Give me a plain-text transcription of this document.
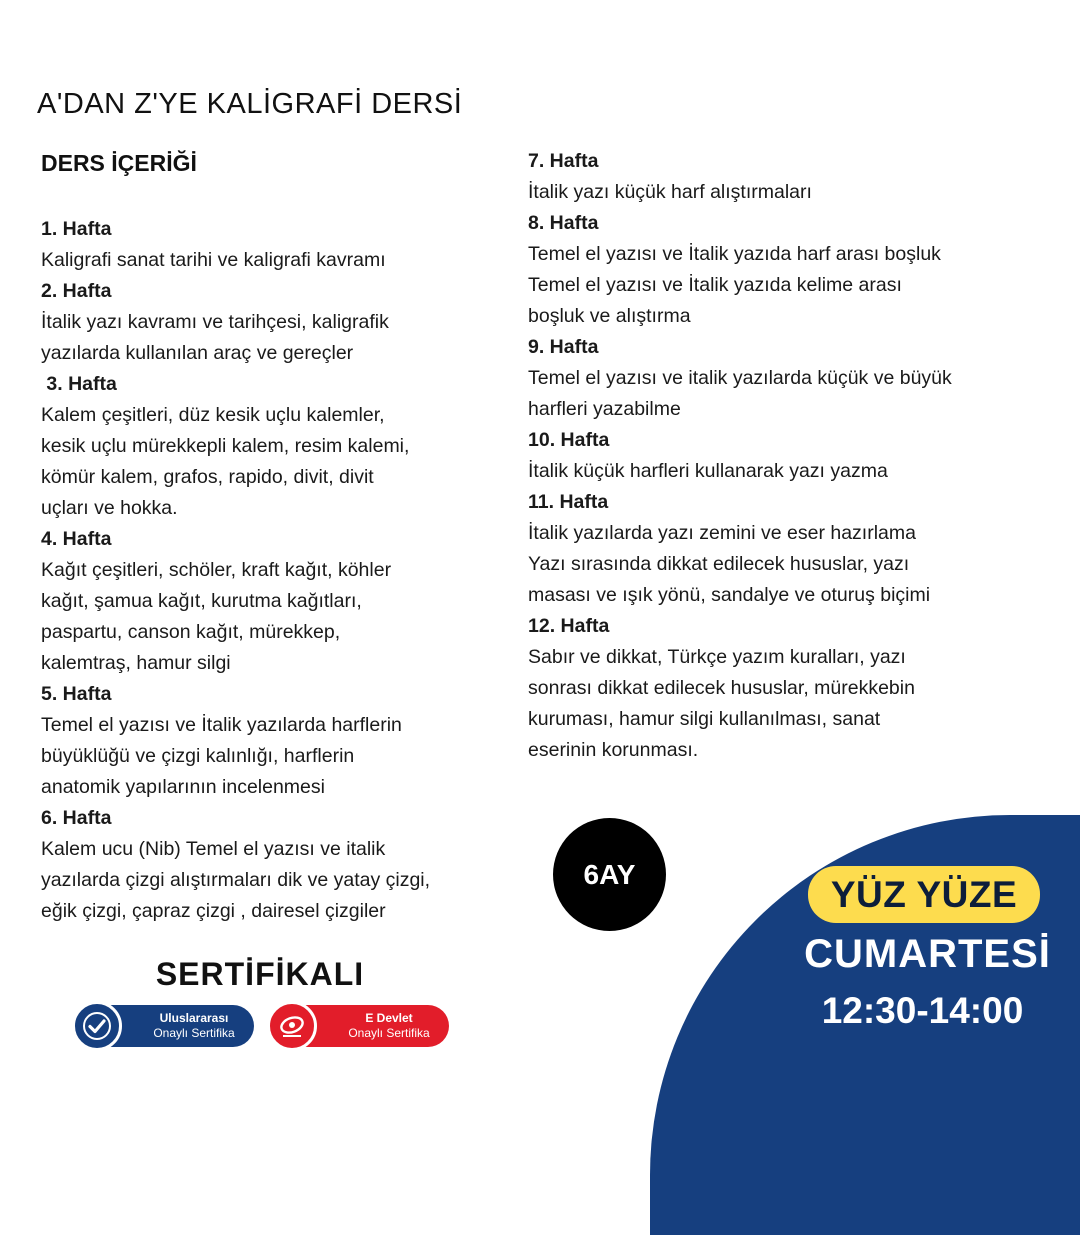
A'DAN Z'YE KALİGRAFİ DERSİ
DERS İÇERİĞİ
1. Hafta
Kaligrafi sanat tarihi ve kaligrafi kavramı
2. Hafta
İtalik yazı kavramı ve tarihçesi, kaligrafik
yazılarda kullanılan araç ve gereçler
3. Hafta
Kalem çeşitleri, düz kesik uçlu kalemler,
kesik uçlu mürekkepli kalem, resim kalemi,
kömür kalem, grafos, rapido, divit, divit
uçları ve hokka.
4. Hafta
Kağıt çeşitleri, schöler, kraft kağıt, köhler
kağıt, şamua kağıt, kurutma kağıtları,
paspartu, canson kağıt, mürekkep,
kalemtraş, hamur silgi
5. Hafta
Temel el yazısı ve İtalik yazılarda harflerin
büyüklüğü ve çizgi kalınlığı, harflerin
anatomik yapılarının incelenmesi
6. Hafta
Kalem ucu (Nib) Temel el yazısı ve italik
yazılarda çizgi alıştırmaları dik ve yatay çizgi,
eğik çizgi, çapraz çizgi , dairesel çizgiler
7. Hafta
İtalik yazı küçük harf alıştırmaları
8. Hafta
Temel el yazısı ve İtalik yazıda harf arası boşluk
Temel el yazısı ve İtalik yazıda kelime arası
boşluk ve alıştırma
9. Hafta
Temel el yazısı ve italik yazılarda küçük ve büyük
harfleri yazabilme
10. Hafta
İtalik küçük harfleri kullanarak yazı yazma
11. Hafta
İtalik yazılarda yazı zemini ve eser hazırlama
Yazı sırasında dikkat edilecek hususlar, yazı
masası ve ışık yönü, sandalye ve oturuş biçimi
12. Hafta
Sabır ve dikkat, Türkçe yazım kuralları, yazı
sonrası dikkat edilecek hususlar, mürekkebin
kuruması, hamur silgi kullanılması, sanat
eserinin korunması.
6AY	YÜZ YÜZE
CUMARTESİ
12:30-14:00
SERTİFİKALI
Uluslararası
Onaylı Sertifika
E Devlet
Onaylı Sertifika
